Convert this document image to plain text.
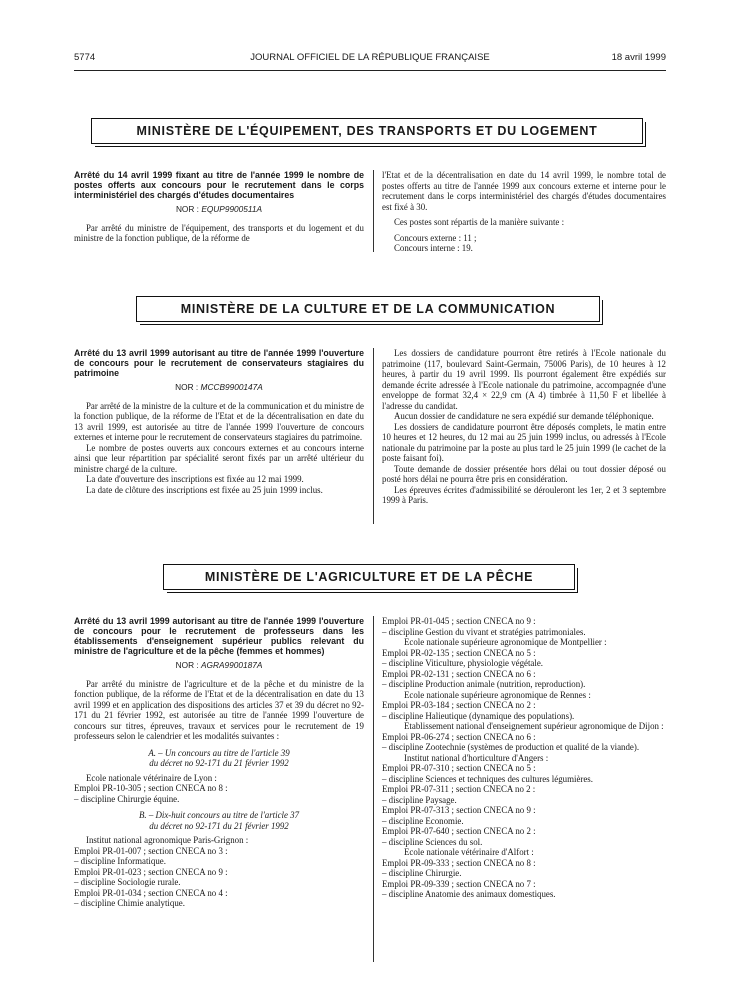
5774	JOURNAL OFFICIEL DE LA RÉPUBLIQUE FRANÇAISE	18 avril 1999
MINISTÈRE DE L'ÉQUIPEMENT, DES TRANSPORTS ET DU LOGEMENT

Arrêté du 14 avril 1999 fixant au titre de l'année 1999 le nombre de postes offerts aux concours pour le recrutement dans le corps interministériel des chargés d'études documentaires

NOR : EQUP9900511A

Par arrêté du ministre de l'équipement, des transports et du logement et du ministre de la fonction publique, de la réforme de

l'Etat et de la décentralisation en date du 14 avril 1999, le nombre total de postes offerts au titre de l'année 1999 aux concours externe et interne pour le recrutement dans le corps interministériel des chargés d'études documentaires est fixé à 30.

Ces postes sont répartis de la manière suivante :

Concours externe : 11 ;

Concours interne : 19.

MINISTÈRE DE LA CULTURE ET DE LA COMMUNICATION

Arrêté du 13 avril 1999 autorisant au titre de l'année 1999 l'ouverture de concours pour le recrutement de conservateurs stagiaires du patrimoine

NOR : MCCB9900147A

Par arrêté de la ministre de la culture et de la communication et du ministre de la fonction publique, de la réforme de l'Etat et de la décentralisation en date du 13 avril 1999, est autorisée au titre de l'année 1999 l'ouverture de concours externes et interne pour le recrutement de conservateurs stagiaires du patrimoine.

Le nombre de postes ouverts aux concours externes et au concours interne ainsi que leur répartition par spécialité seront fixés par un arrêté ultérieur du ministre chargé de la culture.

La date d'ouverture des inscriptions est fixée au 12 mai 1999.

La date de clôture des inscriptions est fixée au 25 juin 1999 inclus.

Les dossiers de candidature pourront être retirés à l'Ecole nationale du patrimoine (117, boulevard Saint-Germain, 75006 Paris), de 10 heures à 12 heures, à partir du 19 avril 1999. Ils pourront également être expédiés sur demande écrite adressée à l'Ecole nationale du patrimoine, accompagnée d'une enveloppe de format 32,4 × 22,9 cm (A 4) timbrée à 11,50 F et libellée à l'adresse du candidat.

Aucun dossier de candidature ne sera expédié sur demande téléphonique.

Les dossiers de candidature pourront être déposés complets, le matin entre 10 heures et 12 heures, du 12 mai au 25 juin 1999 inclus, ou adressés à l'Ecole nationale du patrimoine par la poste au plus tard le 25 juin 1999 (le cachet de la poste faisant foi).

Toute demande de dossier présentée hors délai ou tout dossier déposé ou posté hors délai ne pourra être pris en considération.

Les épreuves écrites d'admissibilité se dérouleront les 1er, 2 et 3 septembre 1999 à Paris.

MINISTÈRE DE L'AGRICULTURE ET DE LA PÊCHE

Arrêté du 13 avril 1999 autorisant au titre de l'année 1999 l'ouverture de concours pour le recrutement de professeurs dans les établissements d'enseignement supérieur publics relevant du ministre de l'agriculture et de la pêche (femmes et hommes)

NOR : AGRA9900187A

Par arrêté du ministre de l'agriculture et de la pêche et du ministre de la fonction publique, de la réforme de l'Etat et de la décentralisation en date du 13 avril 1999 et en application des dispositions des articles 37 et 39 du décret no 92-171 du 21 février 1992, est autorisée au titre de l'année 1999 l'ouverture de concours sur titres, épreuves, travaux et services pour le recrutement de 19 professeurs selon le calendrier et les modalités suivantes :

A. – Un concours au titre de l'article 39
du décret no 92-171 du 21 février 1992

Ecole nationale vétérinaire de Lyon :

Emploi PR-10-305 ; section CNECA no 8 :

– discipline Chirurgie équine.

B. – Dix-huit concours au titre de l'article 37
du décret no 92-171 du 21 février 1992

Institut national agronomique Paris-Grignon :

Emploi PR-01-007 ; section CNECA no 3 :

– discipline Informatique.

Emploi PR-01-023 ; section CNECA no 9 :

– discipline Sociologie rurale.

Emploi PR-01-034 ; section CNECA no 4 :

– discipline Chimie analytique.

Emploi PR-01-045 ; section CNECA no 9 :

– discipline Gestion du vivant et stratégies patrimoniales.

Ecole nationale supérieure agronomique de Montpellier :

Emploi PR-02-135 ; section CNECA no 5 :

– discipline Viticulture, physiologie végétale.

Emploi PR-02-131 ; section CNECA no 6 :

– discipline Production animale (nutrition, reproduction).

Ecole nationale supérieure agronomique de Rennes :

Emploi PR-03-184 ; section CNECA no 2 :

– discipline Halieutique (dynamique des populations).

Etablissement national d'enseignement supérieur agronomique de Dijon :

Emploi PR-06-274 ; section CNECA no 6 :

– discipline Zootechnie (systèmes de production et qualité de la viande).

Institut national d'horticulture d'Angers :

Emploi PR-07-310 ; section CNECA no 5 :

– discipline Sciences et techniques des cultures légumières.

Emploi PR-07-311 ; section CNECA no 2 :

– discipline Paysage.

Emploi PR-07-313 ; section CNECA no 9 :

– discipline Economie.

Emploi PR-07-640 ; section CNECA no 2 :

– discipline Sciences du sol.

Ecole nationale vétérinaire d'Alfort :

Emploi PR-09-333 ; section CNECA no 8 :

– discipline Chirurgie.

Emploi PR-09-339 ; section CNECA no 7 :

– discipline Anatomie des animaux domestiques.
